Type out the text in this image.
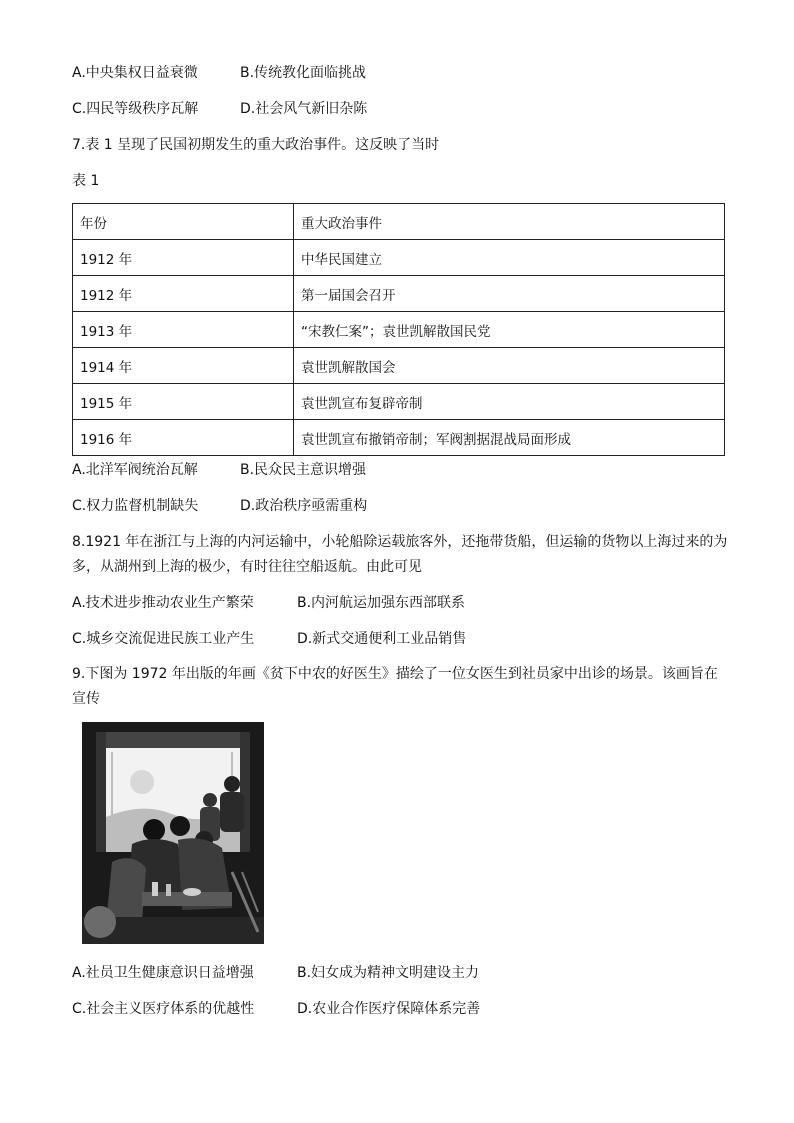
A.中央集权日益衰微	B.传统教化面临挑战
C.四民等级秩序瓦解	D.社会风气新旧杂陈
7.表 1 呈现了民国初期发生的重大政治事件。这反映了当时
表 1
年份	重大政治事件
1912 年	中华民国建立
1912 年	第一届国会召开
1913 年	“宋教仁案”；袁世凯解散国民党
1914 年	袁世凯解散国会
1915 年	袁世凯宣布复辟帝制
1916 年	袁世凯宣布撤销帝制；军阀割据混战局面形成
A.北洋军阀统治瓦解	B.民众民主意识增强
C.权力监督机制缺失	D.政治秩序亟需重构
8.1921 年在浙江与上海的内河运输中，小轮船除运载旅客外，还拖带货船，但运输的货物以上海过来的为
多，从湖州到上海的极少，有时往往空船返航。由此可见
A.技术进步推动农业生产繁荣	B.内河航运加强东西部联系
C.城乡交流促进民族工业产生	D.新式交通便利工业品销售
9.下图为 1972 年出版的年画《贫下中农的好医生》描绘了一位女医生到社员家中出诊的场景。该画旨在
宣传
A.社员卫生健康意识日益增强	B.妇女成为精神文明建设主力
C.社会主义医疗体系的优越性	D.农业合作医疗保障体系完善
